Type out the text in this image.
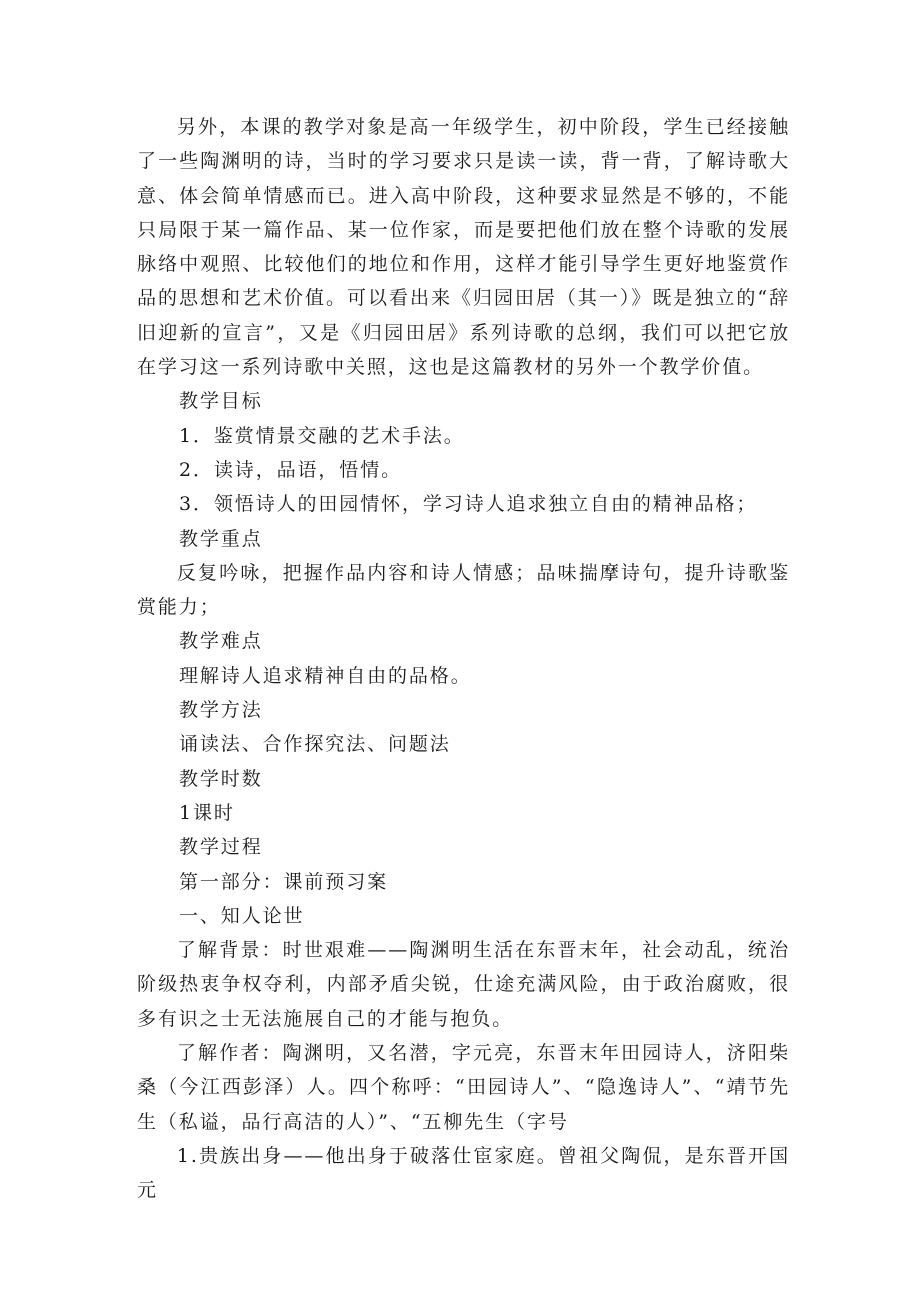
另外，本课的教学对象是高一年级学生，初中阶段，学生已经接触了一些陶渊明的诗，当时的学习要求只是读一读，背一背，了解诗歌大意、体会简单情感而已。进入高中阶段，这种要求显然是不够的，不能只局限于某一篇作品、某一位作家，而是要把他们放在整个诗歌的发展脉络中观照、比较他们的地位和作用，这样才能引导学生更好地鉴赏作品的思想和艺术价值。可以看出来《归园田居（其一）》既是独立的“辞旧迎新的宣言”，又是《归园田居》系列诗歌的总纲，我们可以把它放在学习这一系列诗歌中关照，这也是这篇教材的另外一个教学价值。

教学目标

1．鉴赏情景交融的艺术手法。

2．读诗，品语，悟情。

3．领悟诗人的田园情怀，学习诗人追求独立自由的精神品格；

教学重点

反复吟咏，把握作品内容和诗人情感；品味揣摩诗句，提升诗歌鉴赏能力；

教学难点

理解诗人追求精神自由的品格。

教学方法

诵读法、合作探究法、问题法

教学时数

1课时

教学过程

第一部分：课前预习案

一、知人论世

了解背景：时世艰难——陶渊明生活在东晋末年，社会动乱，统治阶级热衷争权夺利，内部矛盾尖锐，仕途充满风险，由于政治腐败，很多有识之士无法施展自己的才能与抱负。

了解作者：陶渊明，又名潜，字元亮，东晋末年田园诗人，济阳柴桑（今江西彭泽）人。四个称呼：“田园诗人”、“隐逸诗人”、“靖节先生（私谥，品行高洁的人）”、“五柳先生（字号

1.贵族出身——他出身于破落仕宦家庭。曾祖父陶侃，是东晋开国元
